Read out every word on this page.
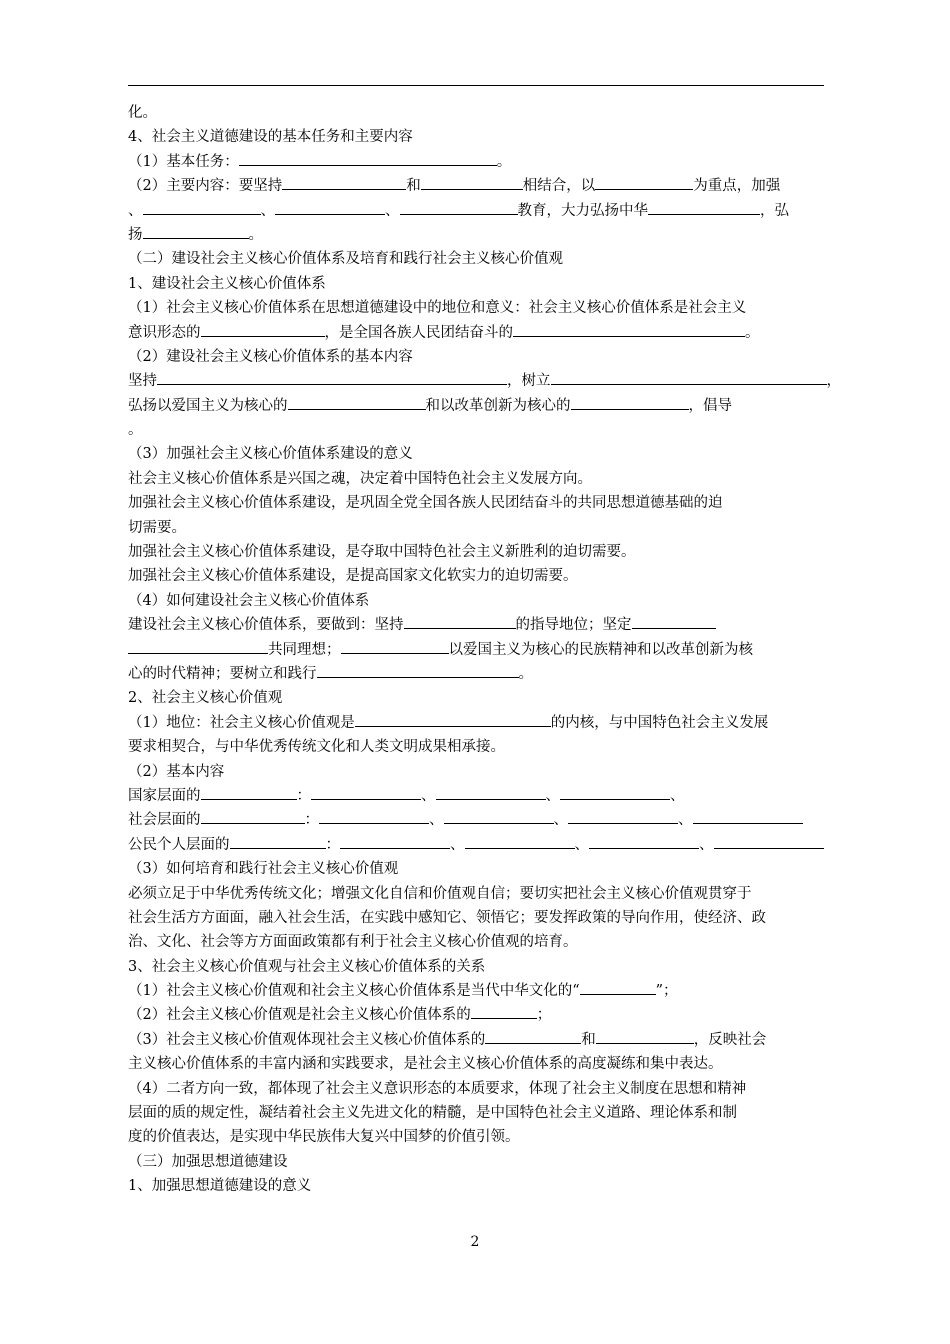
化。
4、社会主义道德建设的基本任务和主要内容
（1）基本任务：	。
（2）主要内容：要坚持	和	相结合，以	为重点，加强
、	、	、	教育，大力弘扬中华	，弘
扬	。
（二）建设社会主义核心价值体系及培育和践行社会主义核心价值观
1、建设社会主义核心价值体系
（1）社会主义核心价值体系在思想道德建设中的地位和意义：社会主义核心价值体系是社会主义
意识形态的	，是全国各族人民团结奋斗的	。
（2）建设社会主义核心价值体系的基本内容
坚持	，树立	，
弘扬以爱国主义为核心的	和以改革创新为核心的	，倡导
。
（3）加强社会主义核心价值体系建设的意义
社会主义核心价值体系是兴国之魂，决定着中国特色社会主义发展方向。
加强社会主义核心价值体系建设，是巩固全党全国各族人民团结奋斗的共同思想道德基础的迫
切需要。
加强社会主义核心价值体系建设，是夺取中国特色社会主义新胜利的迫切需要。
加强社会主义核心价值体系建设，是提高国家文化软实力的迫切需要。
（4）如何建设社会主义核心价值体系
建设社会主义核心价值体系，要做到：坚持	的指导地位；坚定
共同理想；	以爱国主义为核心的民族精神和以改革创新为核
心的时代精神；要树立和践行	。
2、社会主义核心价值观
（1）地位：社会主义核心价值观是	的内核，与中国特色社会主义发展
要求相契合，与中华优秀传统文化和人类文明成果相承接。
（2）基本内容
国家层面的	：	、	、	、
社会层面的	：	、	、	、
公民个人层面的	：	、	、	、
（3）如何培育和践行社会主义核心价值观
必须立足于中华优秀传统文化；增强文化自信和价值观自信；要切实把社会主义核心价值观贯穿于
社会生活方方面面，融入社会生活，在实践中感知它、领悟它；要发挥政策的导向作用，使经济、政
治、文化、社会等方方面面政策都有利于社会主义核心价值观的培育。
3、社会主义核心价值观与社会主义核心价值体系的关系
（1）社会主义核心价值观和社会主义核心价值体系是当代中华文化的“	”；
（2）社会主义核心价值观是社会主义核心价值体系的	；
（3）社会主义核心价值观体现社会主义核心价值体系的	和	，反映社会
主义核心价值体系的丰富内涵和实践要求，是社会主义核心价值体系的高度凝练和集中表达。
（4）二者方向一致，都体现了社会主义意识形态的本质要求，体现了社会主义制度在思想和精神
层面的质的规定性，凝结着社会主义先进文化的精髓，是中国特色社会主义道路、理论体系和制
度的价值表达，是实现中华民族伟大复兴中国梦的价值引领。
（三）加强思想道德建设
1、加强思想道德建设的意义
2
